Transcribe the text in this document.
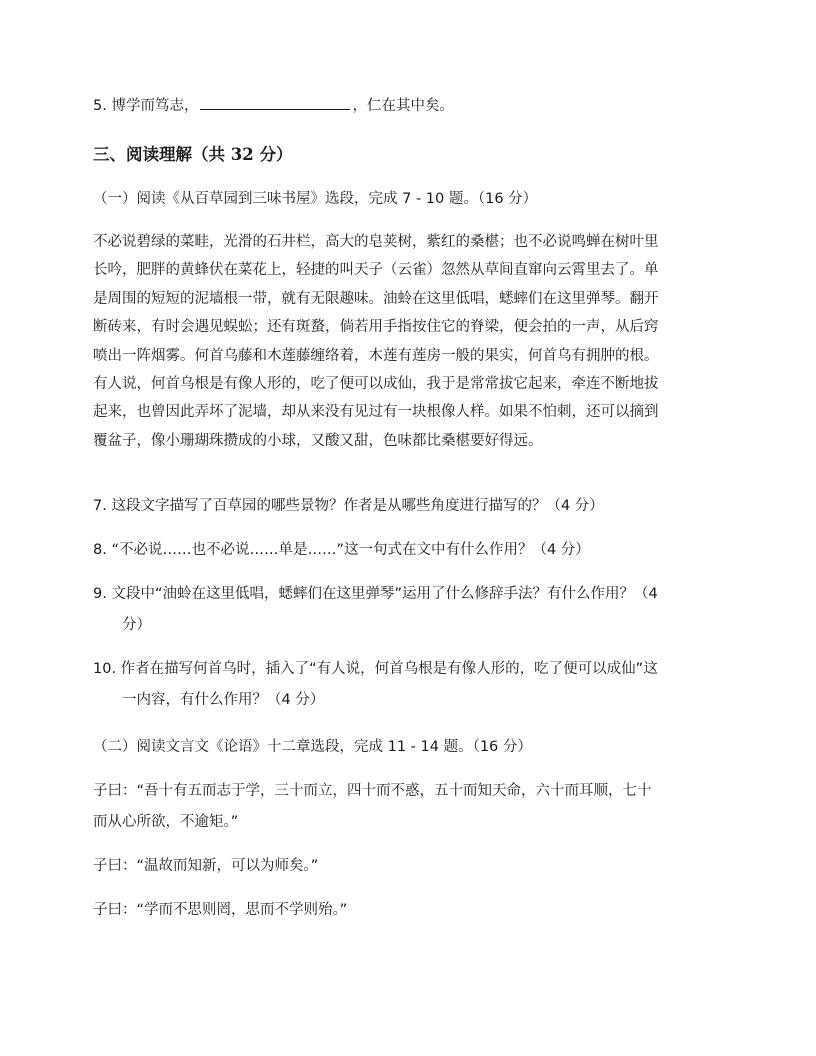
5. 博学而笃志，	，仁在其中矣。
三、阅读理解（共 32 分）
（一）阅读《从百草园到三味书屋》选段，完成 7 - 10 题。（16 分）
不必说碧绿的菜畦，光滑的石井栏，高大的皂荚树，紫红的桑椹；也不必说鸣蝉在树叶里
长吟，肥胖的黄蜂伏在菜花上，轻捷的叫天子（云雀）忽然从草间直窜向云霄里去了。单
是周围的短短的泥墙根一带，就有无限趣味。油蛉在这里低唱，蟋蟀们在这里弹琴。翻开
断砖来，有时会遇见蜈蚣；还有斑蝥，倘若用手指按住它的脊梁，便会拍的一声，从后窍
喷出一阵烟雾。何首乌藤和木莲藤缠络着，木莲有莲房一般的果实，何首乌有拥肿的根。
有人说，何首乌根是有像人形的，吃了便可以成仙，我于是常常拔它起来，牵连不断地拔
起来，也曾因此弄坏了泥墙，却从来没有见过有一块根像人样。如果不怕刺，还可以摘到
覆盆子，像小珊瑚珠攒成的小球，又酸又甜，色味都比桑椹要好得远。
7. 这段文字描写了百草园的哪些景物？作者是从哪些角度进行描写的？（4 分）
8. “不必说……也不必说……单是……”这一句式在文中有什么作用？（4 分）
9. 文段中“油蛉在这里低唱，蟋蟀们在这里弹琴”运用了什么修辞手法？有什么作用？（4
分）
10. 作者在描写何首乌时，插入了“有人说，何首乌根是有像人形的，吃了便可以成仙”这
一内容，有什么作用？（4 分）
（二）阅读文言文《论语》十二章选段，完成 11 - 14 题。（16 分）
子曰：“吾十有五而志于学，三十而立，四十而不惑，五十而知天命，六十而耳顺，七十
而从心所欲，不逾矩。”
子曰：“温故而知新，可以为师矣。”
子曰：“学而不思则罔，思而不学则殆。”
